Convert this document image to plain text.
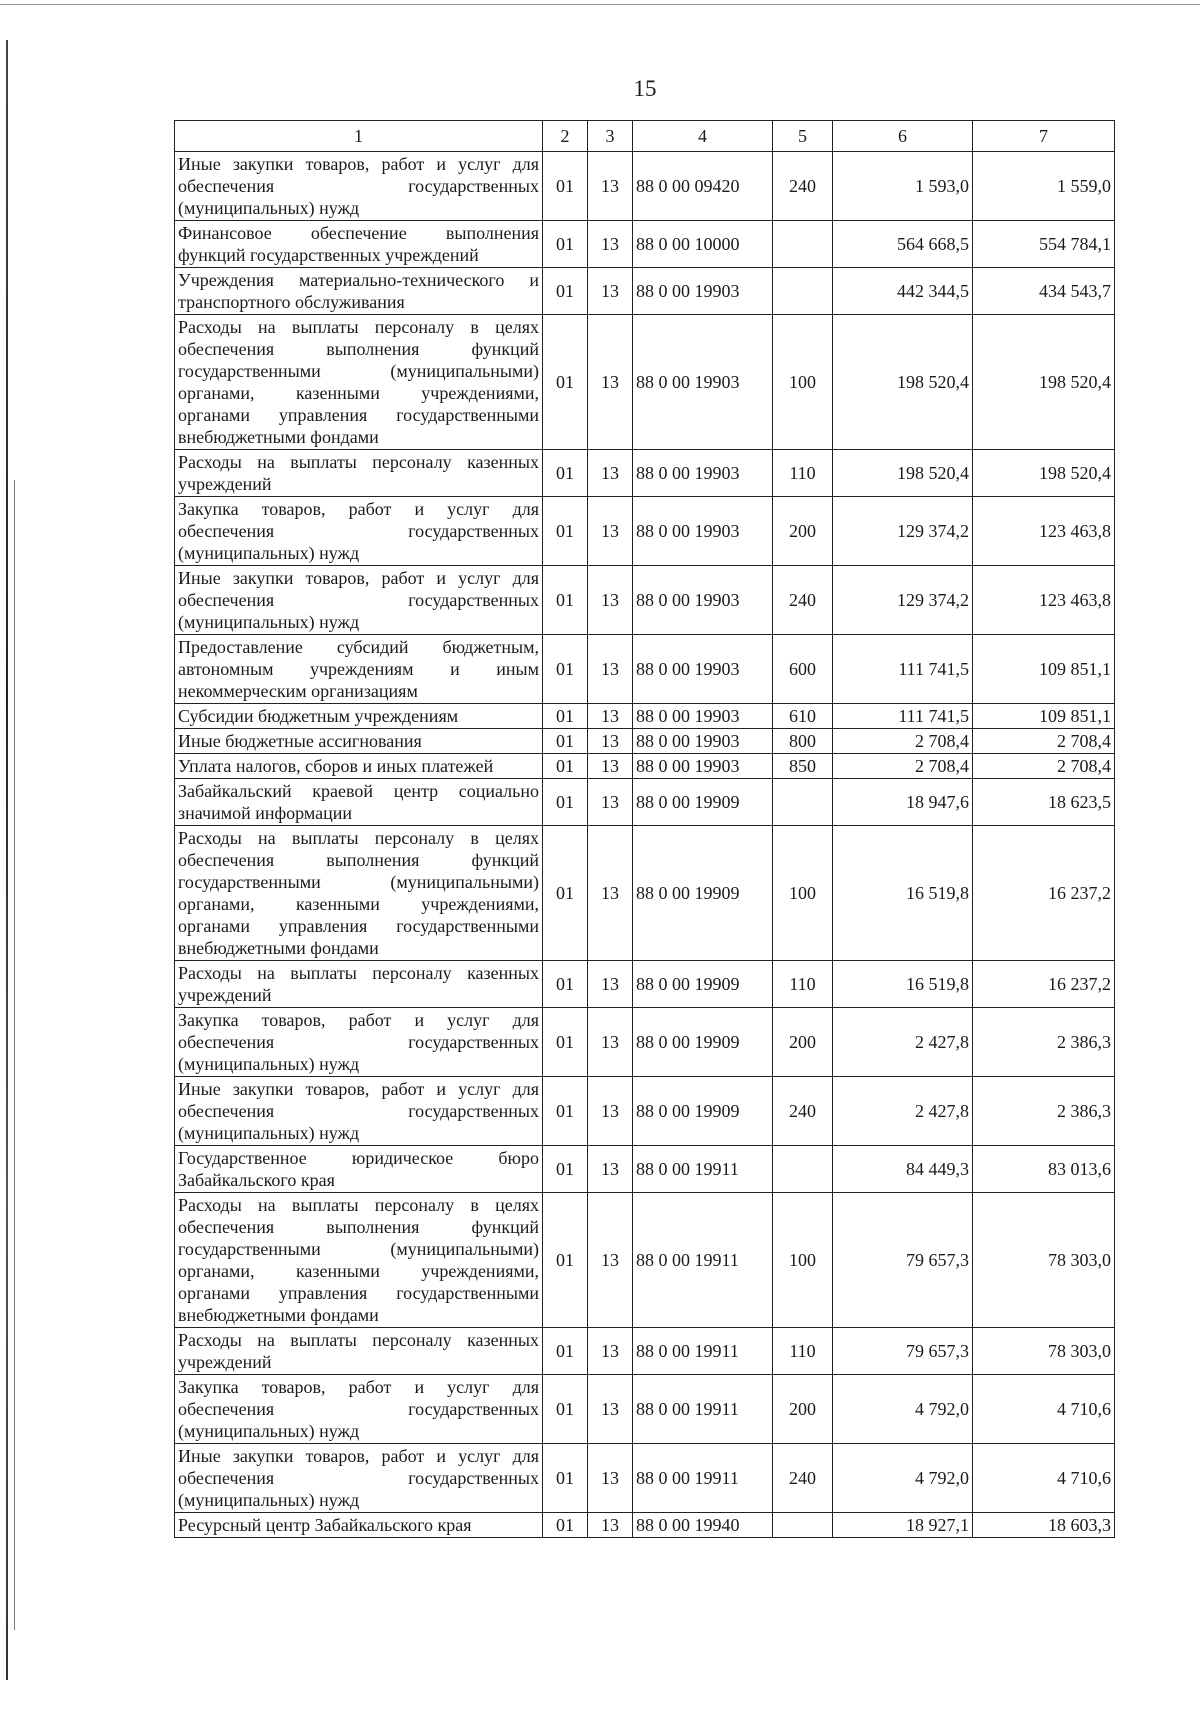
15
1	2	3	4	5	6	7
Иные закупки товаров, работ и услуг для обеспечения государственных (муниципальных) нужд	01	13	88 0 00 09420	240	1 593,0	1 559,0
Финансовое обеспечение выполнения функций государственных учреждений	01	13	88 0 00 10000		564 668,5	554 784,1
Учреждения материально-технического и транспортного обслуживания	01	13	88 0 00 19903		442 344,5	434 543,7
Расходы на выплаты персоналу в целях обеспечения выполнения функций государственными (муниципальными) органами, казенными учреждениями, органами управления государственными внебюджетными фондами	01	13	88 0 00 19903	100	198 520,4	198 520,4
Расходы на выплаты персоналу казенных учреждений	01	13	88 0 00 19903	110	198 520,4	198 520,4
Закупка товаров, работ и услуг для обеспечения государственных (муниципальных) нужд	01	13	88 0 00 19903	200	129 374,2	123 463,8
Иные закупки товаров, работ и услуг для обеспечения государственных (муниципальных) нужд	01	13	88 0 00 19903	240	129 374,2	123 463,8
Предоставление субсидий бюджетным, автономным учреждениям и иным некоммерческим организациям	01	13	88 0 00 19903	600	111 741,5	109 851,1
Субсидии бюджетным учреждениям	01	13	88 0 00 19903	610	111 741,5	109 851,1
Иные бюджетные ассигнования	01	13	88 0 00 19903	800	2 708,4	2 708,4
Уплата налогов, сборов и иных платежей	01	13	88 0 00 19903	850	2 708,4	2 708,4
Забайкальский краевой центр социально значимой информации	01	13	88 0 00 19909		18 947,6	18 623,5
Расходы на выплаты персоналу в целях обеспечения выполнения функций государственными (муниципальными) органами, казенными учреждениями, органами управления государственными внебюджетными фондами	01	13	88 0 00 19909	100	16 519,8	16 237,2
Расходы на выплаты персоналу казенных учреждений	01	13	88 0 00 19909	110	16 519,8	16 237,2
Закупка товаров, работ и услуг для обеспечения государственных (муниципальных) нужд	01	13	88 0 00 19909	200	2 427,8	2 386,3
Иные закупки товаров, работ и услуг для обеспечения государственных (муниципальных) нужд	01	13	88 0 00 19909	240	2 427,8	2 386,3
Государственное юридическое бюро Забайкальского края	01	13	88 0 00 19911		84 449,3	83 013,6
Расходы на выплаты персоналу в целях обеспечения выполнения функций государственными (муниципальными) органами, казенными учреждениями, органами управления государственными внебюджетными фондами	01	13	88 0 00 19911	100	79 657,3	78 303,0
Расходы на выплаты персоналу казенных учреждений	01	13	88 0 00 19911	110	79 657,3	78 303,0
Закупка товаров, работ и услуг для обеспечения государственных (муниципальных) нужд	01	13	88 0 00 19911	200	4 792,0	4 710,6
Иные закупки товаров, работ и услуг для обеспечения государственных (муниципальных) нужд	01	13	88 0 00 19911	240	4 792,0	4 710,6
Ресурсный центр Забайкальского края	01	13	88 0 00 19940		18 927,1	18 603,3
